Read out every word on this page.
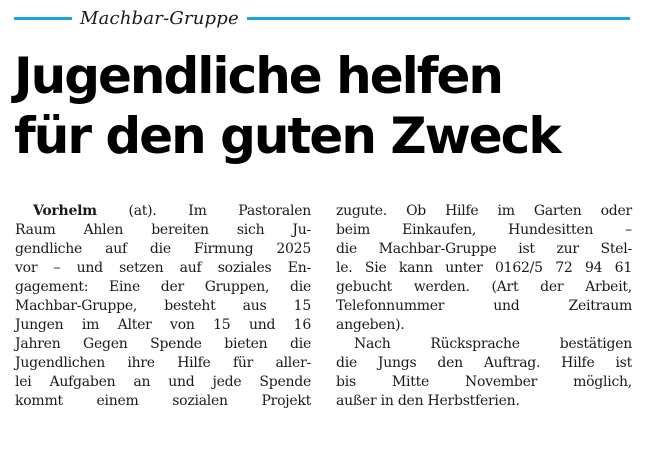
Machbar-Gruppe
Jugendliche helfen
für den guten Zweck
Vorhelm (at). Im Pastoralen
Raum Ahlen bereiten sich Ju-
gendliche auf die Firmung 2025
vor – und setzen auf soziales En-
gagement: Eine der Gruppen, die
Machbar-Gruppe, besteht aus 15
Jungen im Alter von 15 und 16
Jahren Gegen Spende bieten die
Jugendlichen ihre Hilfe für aller-
lei Aufgaben an und jede Spende
kommt einem sozialen Projekt
zugute. Ob Hilfe im Garten oder
beim Einkaufen, Hundesitten –
die Machbar-Gruppe ist zur Stel-
le. Sie kann unter 0162/5 72 94 61
gebucht werden. (Art der Arbeit,
Telefonnummer und Zeitraum
angeben).
Nach Rücksprache bestätigen
die Jungs den Auftrag. Hilfe ist
bis Mitte November möglich,
außer in den Herbstferien.
